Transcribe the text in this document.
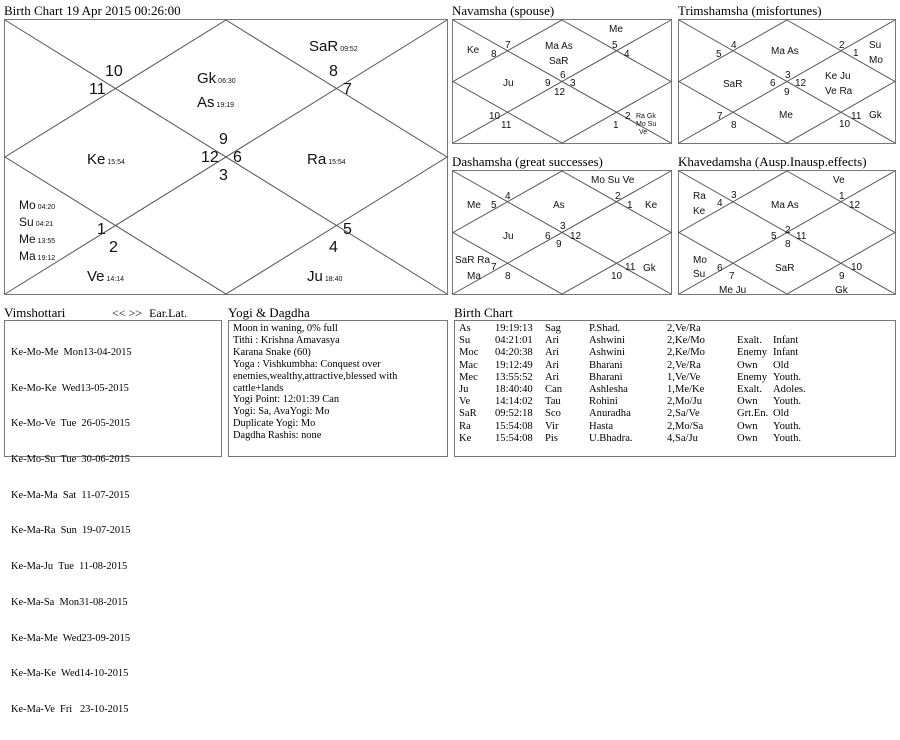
Birth Chart 19 Apr 2015 00:26:00
10
11
9
12 6
8
7
3
1
2
5
4
Gk 06:30
As 19:19
SaR 09:52
Ke 15:54	Ra 15:54
Mo 04:20
Su 04:21
Me 13:55
Ma 19:12
Ve 14:14	Ju 18:40
Navamsha (spouse)
Me
Ma As
SaR
Ke
Ju
Ra Gk
Mo Su
Ve
5
4
6
9 3
12
7
8
10
11	1
2
Trimshamsha (misfortunes)
Ma As
Su
Mo
SaR
Ke Ju
Ve Ra
Me	Gk
5
4	2
1
3
6 12
9
7
8	10
11
Dashamsha (great successes)
Mo Su Ve
As
Me	Ke
Ju
SaR Ra
Ma
Gk
5
4	2
1
3
6 12
9
7
8	10
11
Khavedamsha (Ausp.Inausp.effects)
Ve
Ra
Ke
Ma As
SaR
Mo
Su
Me Ju	Gk
4
3	1
12
5
2
8
11
6
7	9
10
Vimshottari	<< >> Ear.Lat.

Ke-Mo-Me  Mon13-04-2015

Ke-Mo-Ke  Wed13-05-2015

Ke-Mo-Ve  Tue  26-05-2015

Ke-Mo-Su  Tue  30-06-2015

Ke-Ma-Ma  Sat  11-07-2015

Ke-Ma-Ra  Sun  19-07-2015

Ke-Ma-Ju  Tue  11-08-2015

Ke-Ma-Sa  Mon31-08-2015

Ke-Ma-Me  Wed23-09-2015

Ke-Ma-Ke  Wed14-10-2015

Ke-Ma-Ve  Fri   23-10-2015

Yogi & Dagdha
Moon in waning, 0% full
Tithi : Krishna Amavasya
Karana Snake (60)
Yoga : Vishkumbha: Conquest over
enemies,wealthy,attractive,blessed with
cattle+lands
Yogi Point: 12:01:39 Can
Yogi: Sa, AvaYogi: Mo
Duplicate Yogi: Mo
Dagdha Rashis: none
Birth Chart
As	19:19:13	Sag	P.Shad.	2,Ve/Ra		
Su	04:21:01	Ari	Ashwini	2,Ke/Mo	Exalt.	Infant
Moc	04:20:38	Ari	Ashwini	2,Ke/Mo	Enemy	Infant
Mac	19:12:49	Ari	Bharani	2,Ve/Ra	Own	Old
Mec	13:55:52	Ari	Bharani	1,Ve/Ve	Enemy	Youth.
Ju	18:40:40	Can	Ashlesha	1,Me/Ke	Exalt.	Adoles.
Ve	14:14:02	Tau	Rohini	2,Mo/Ju	Own	Youth.
SaR	09:52:18	Sco	Anuradha	2,Sa/Ve	Grt.En.	Old
Ra	15:54:08	Vir	Hasta	2,Mo/Sa	Own	Youth.
Ke	15:54:08	Pis	U.Bhadra.	4,Sa/Ju	Own	Youth.
